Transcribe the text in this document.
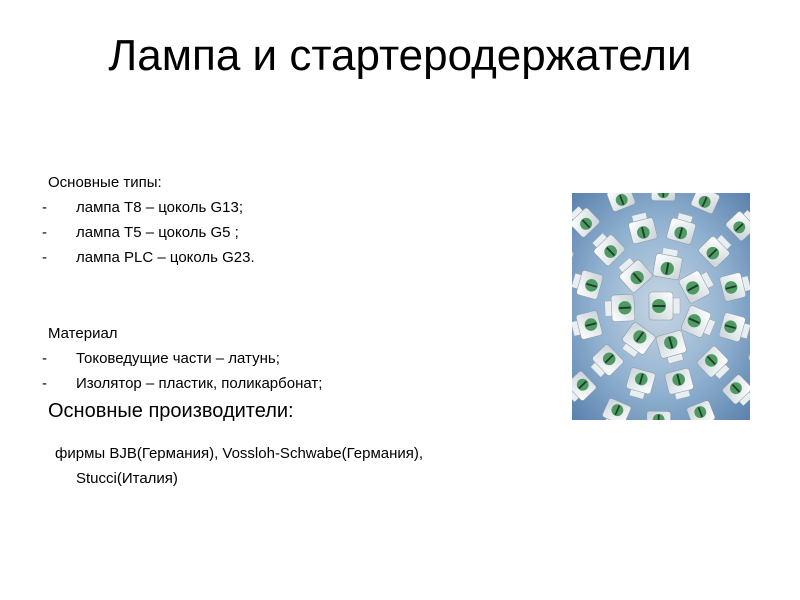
Лампа и стартеродержатели
Основные типы:
-	лампа T8 – цоколь G13;
-	лампа T5 – цоколь G5 ;
-	лампа PLC – цоколь G23.
Материал
-	Токоведущие части – латунь;
-	Изолятор – пластик, поликарбонат;
Основные производители:
фирмы BJB(Германия), Vossloh-Schwabe(Германия),
Stucci(Италия)
